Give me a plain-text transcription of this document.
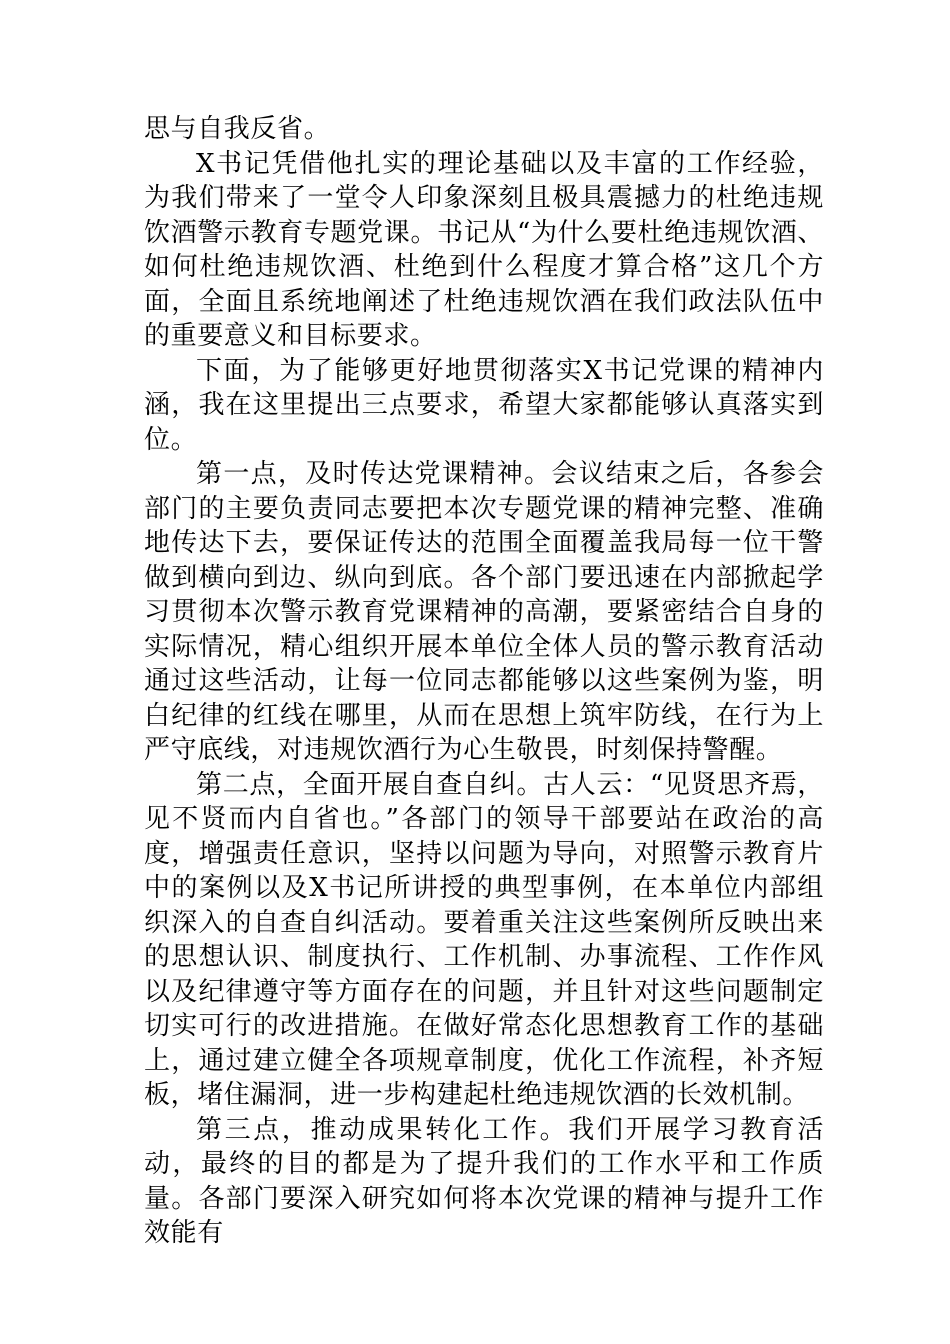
思与自我反省。

X书记凭借他扎实的理论基础以及丰富的工作经验，为我们带来了一堂令人印象深刻且极具震撼力的杜绝违规饮酒警示教育专题党课。书记从“为什么要杜绝违规饮酒、如何杜绝违规饮酒、杜绝到什么程度才算合格”这几个方面，全面且系统地阐述了杜绝违规饮酒在我们政法队伍中的重要意义和目标要求。

下面，为了能够更好地贯彻落实X书记党课的精神内涵，我在这里提出三点要求，希望大家都能够认真落实到位。

第一点，及时传达党课精神。会议结束之后，各参会部门的主要负责同志要把本次专题党课的精神完整、准确地传达下去，要保证传达的范围全面覆盖我局每一位干警做到横向到边、纵向到底。各个部门要迅速在内部掀起学习贯彻本次警示教育党课精神的高潮，要紧密结合自身的实际情况，精心组织开展本单位全体人员的警示教育活动通过这些活动，让每一位同志都能够以这些案例为鉴，明白纪律的红线在哪里，从而在思想上筑牢防线，在行为上严守底线，对违规饮酒行为心生敬畏，时刻保持警醒。

第二点，全面开展自查自纠。古人云：“见贤思齐焉，见不贤而内自省也。”各部门的领导干部要站在政治的高度，增强责任意识，坚持以问题为导向，对照警示教育片中的案例以及X书记所讲授的典型事例，在本单位内部组织深入的自查自纠活动。要着重关注这些案例所反映出来的思想认识、制度执行、工作机制、办事流程、工作作风以及纪律遵守等方面存在的问题，并且针对这些问题制定切实可行的改进措施。在做好常态化思想教育工作的基础上，通过建立健全各项规章制度，优化工作流程，补齐短板，堵住漏洞，进一步构建起杜绝违规饮酒的长效机制。

第三点，推动成果转化工作。我们开展学习教育活动，最终的目的都是为了提升我们的工作水平和工作质量。各部门要深入研究如何将本次党课的精神与提升工作效能有
